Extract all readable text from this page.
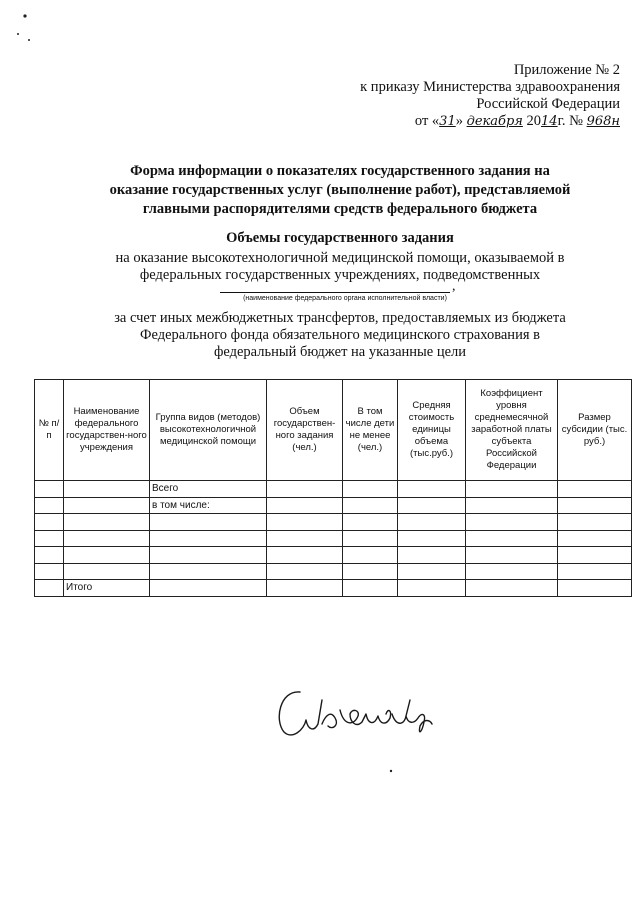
Приложение № 2
к приказу Министерства здравоохранения
Российской Федерации
от «31» декабря 2014г. № 968н
Форма информации о показателях государственного задания на
оказание государственных услуг (выполнение работ), представляемой
главными распорядителями средств федерального бюджета
Объемы государственного задания
на оказание высокотехнологичной медицинской помощи, оказываемой в
федеральных государственных учреждениях, подведомственных
,
(наименование федерального органа исполнительной власти)
за счет иных межбюджетных трансфертов, предоставляемых из бюджета
Федерального фонда обязательного медицинского страхования в
федеральный бюджет на указанные цели
№ п/п	Наименование федерального государствен-ного учреждения	Группа видов (методов) высокотехнологичной медицинской помощи	Объем государствен-ного задания (чел.)	В том числе дети не менее (чел.)	Средняя стоимость единицы объема (тыс.руб.)	Коэффициент уровня среднемесячной заработной платы субъекта Российской Федерации	Размер субсидии (тыс. руб.)
		Всего					
		в том числе:					

	Итого						
